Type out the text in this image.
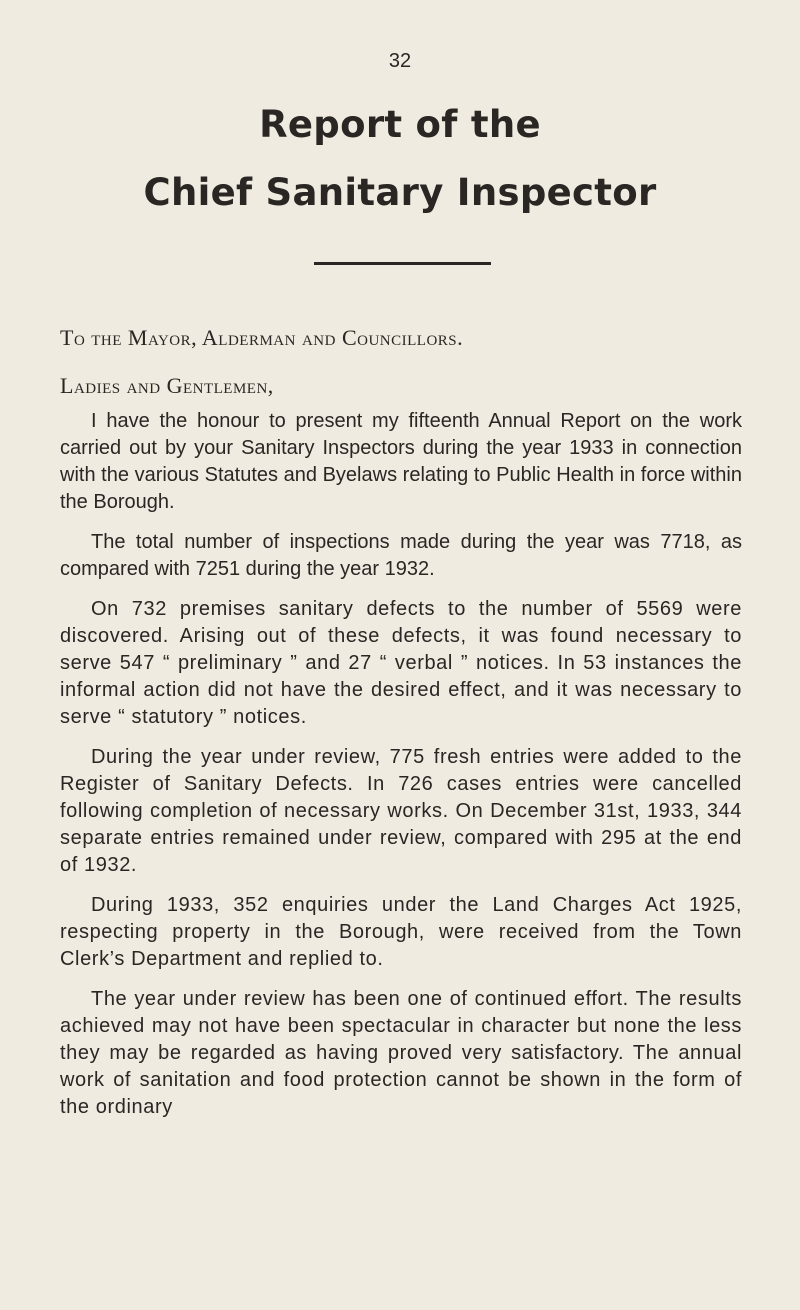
32
Report of the
Chief Sanitary Inspector
To the Mayor, Alderman and Councillors.
Ladies and Gentlemen,

I have the honour to present my fifteenth Annual Report on the work carried out by your Sanitary Inspectors during the year 1933 in connection with the various Statutes and Byelaws relating to Public Health in force within the Borough.

The total number of inspections made during the year was 7718, as compared with 7251 during the year 1932.

On 732 premises sanitary defects to the number of 5569 were discovered. Arising out of these defects, it was found necessary to serve 547 “ preliminary ” and 27 “ verbal ” notices. In 53 instances the informal action did not have the desired effect, and it was necessary to serve “ statutory ” notices.

During the year under review, 775 fresh entries were added to the Register of Sanitary Defects. In 726 cases entries were cancelled following completion of necessary works. On December 31st, 1933, 344 separate entries remained under review, compared with 295 at the end of 1932.

During 1933, 352 enquiries under the Land Charges Act 1925, respecting property in the Borough, were received from the Town Clerk’s Department and replied to.

The year under review has been one of continued effort. The results achieved may not have been spectacular in character but none the less they may be regarded as having proved very satisfactory. The annual work of sanitation and food protection cannot be shown in the form of the ordinary
